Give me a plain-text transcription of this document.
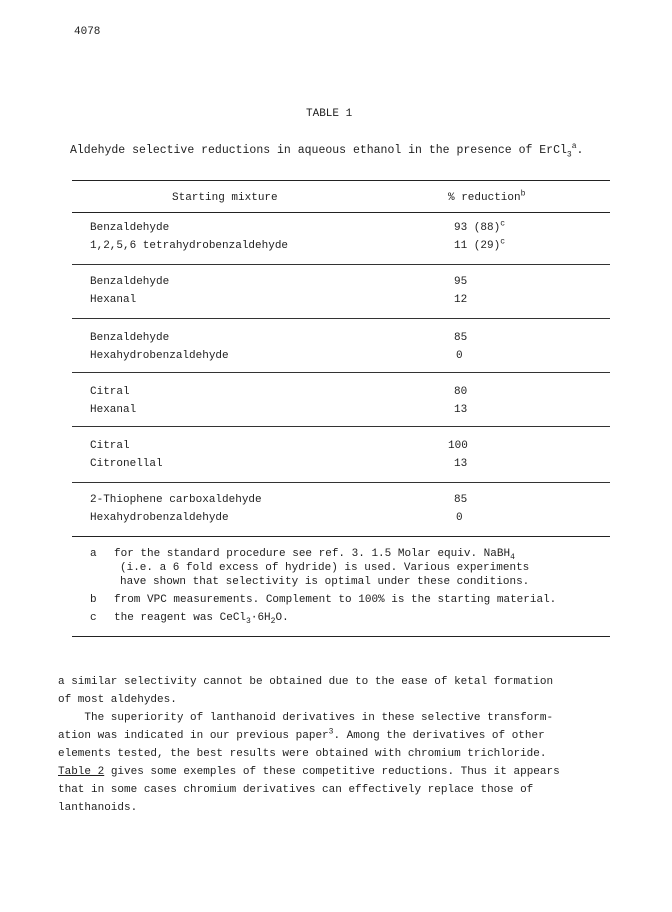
4078
TABLE 1
Aldehyde selective reductions in aqueous ethanol in the presence of ErCl$_3^a$.
Starting mixture	% reduction$^b$
Benzaldehyde	93 $(88)^c$
1,2,5,6 tetrahydrobenzaldehyde	11 $(29)^c$
Benzaldehyde	95
Hexanal	12
Benzaldehyde	85
Hexahydrobenzaldehyde	0
Citral	80
Hexanal	13
Citral	100
Citronellal	13
2-Thiophene carboxaldehyde	85
Hexahydrobenzaldehyde	0
a for the standard procedure see ref. 3. 1.5 Molar equiv. NaBH$_4$
(i.e. a 6 fold excess of hydride) is used. Various experiments
have shown that selectivity is optimal under these conditions.
b from VPC measurements. Complement to 100% is the starting material.
c the reagent was $CeCl_3\cdot 6H_2O$.
a similar selectivity cannot be obtained due to the ease of ketal formation
of most aldehydes.
The superiority of lanthanoid derivatives in these selective transform-
ation was indicated in our previous paper$^3$. Among the derivatives of other
elements tested, the best results were obtained with chromium trichloride.
Table 2 gives some exemples of these competitive reductions. Thus it appears
that in some cases chromium derivatives can effectively replace those of
lanthanoids.
